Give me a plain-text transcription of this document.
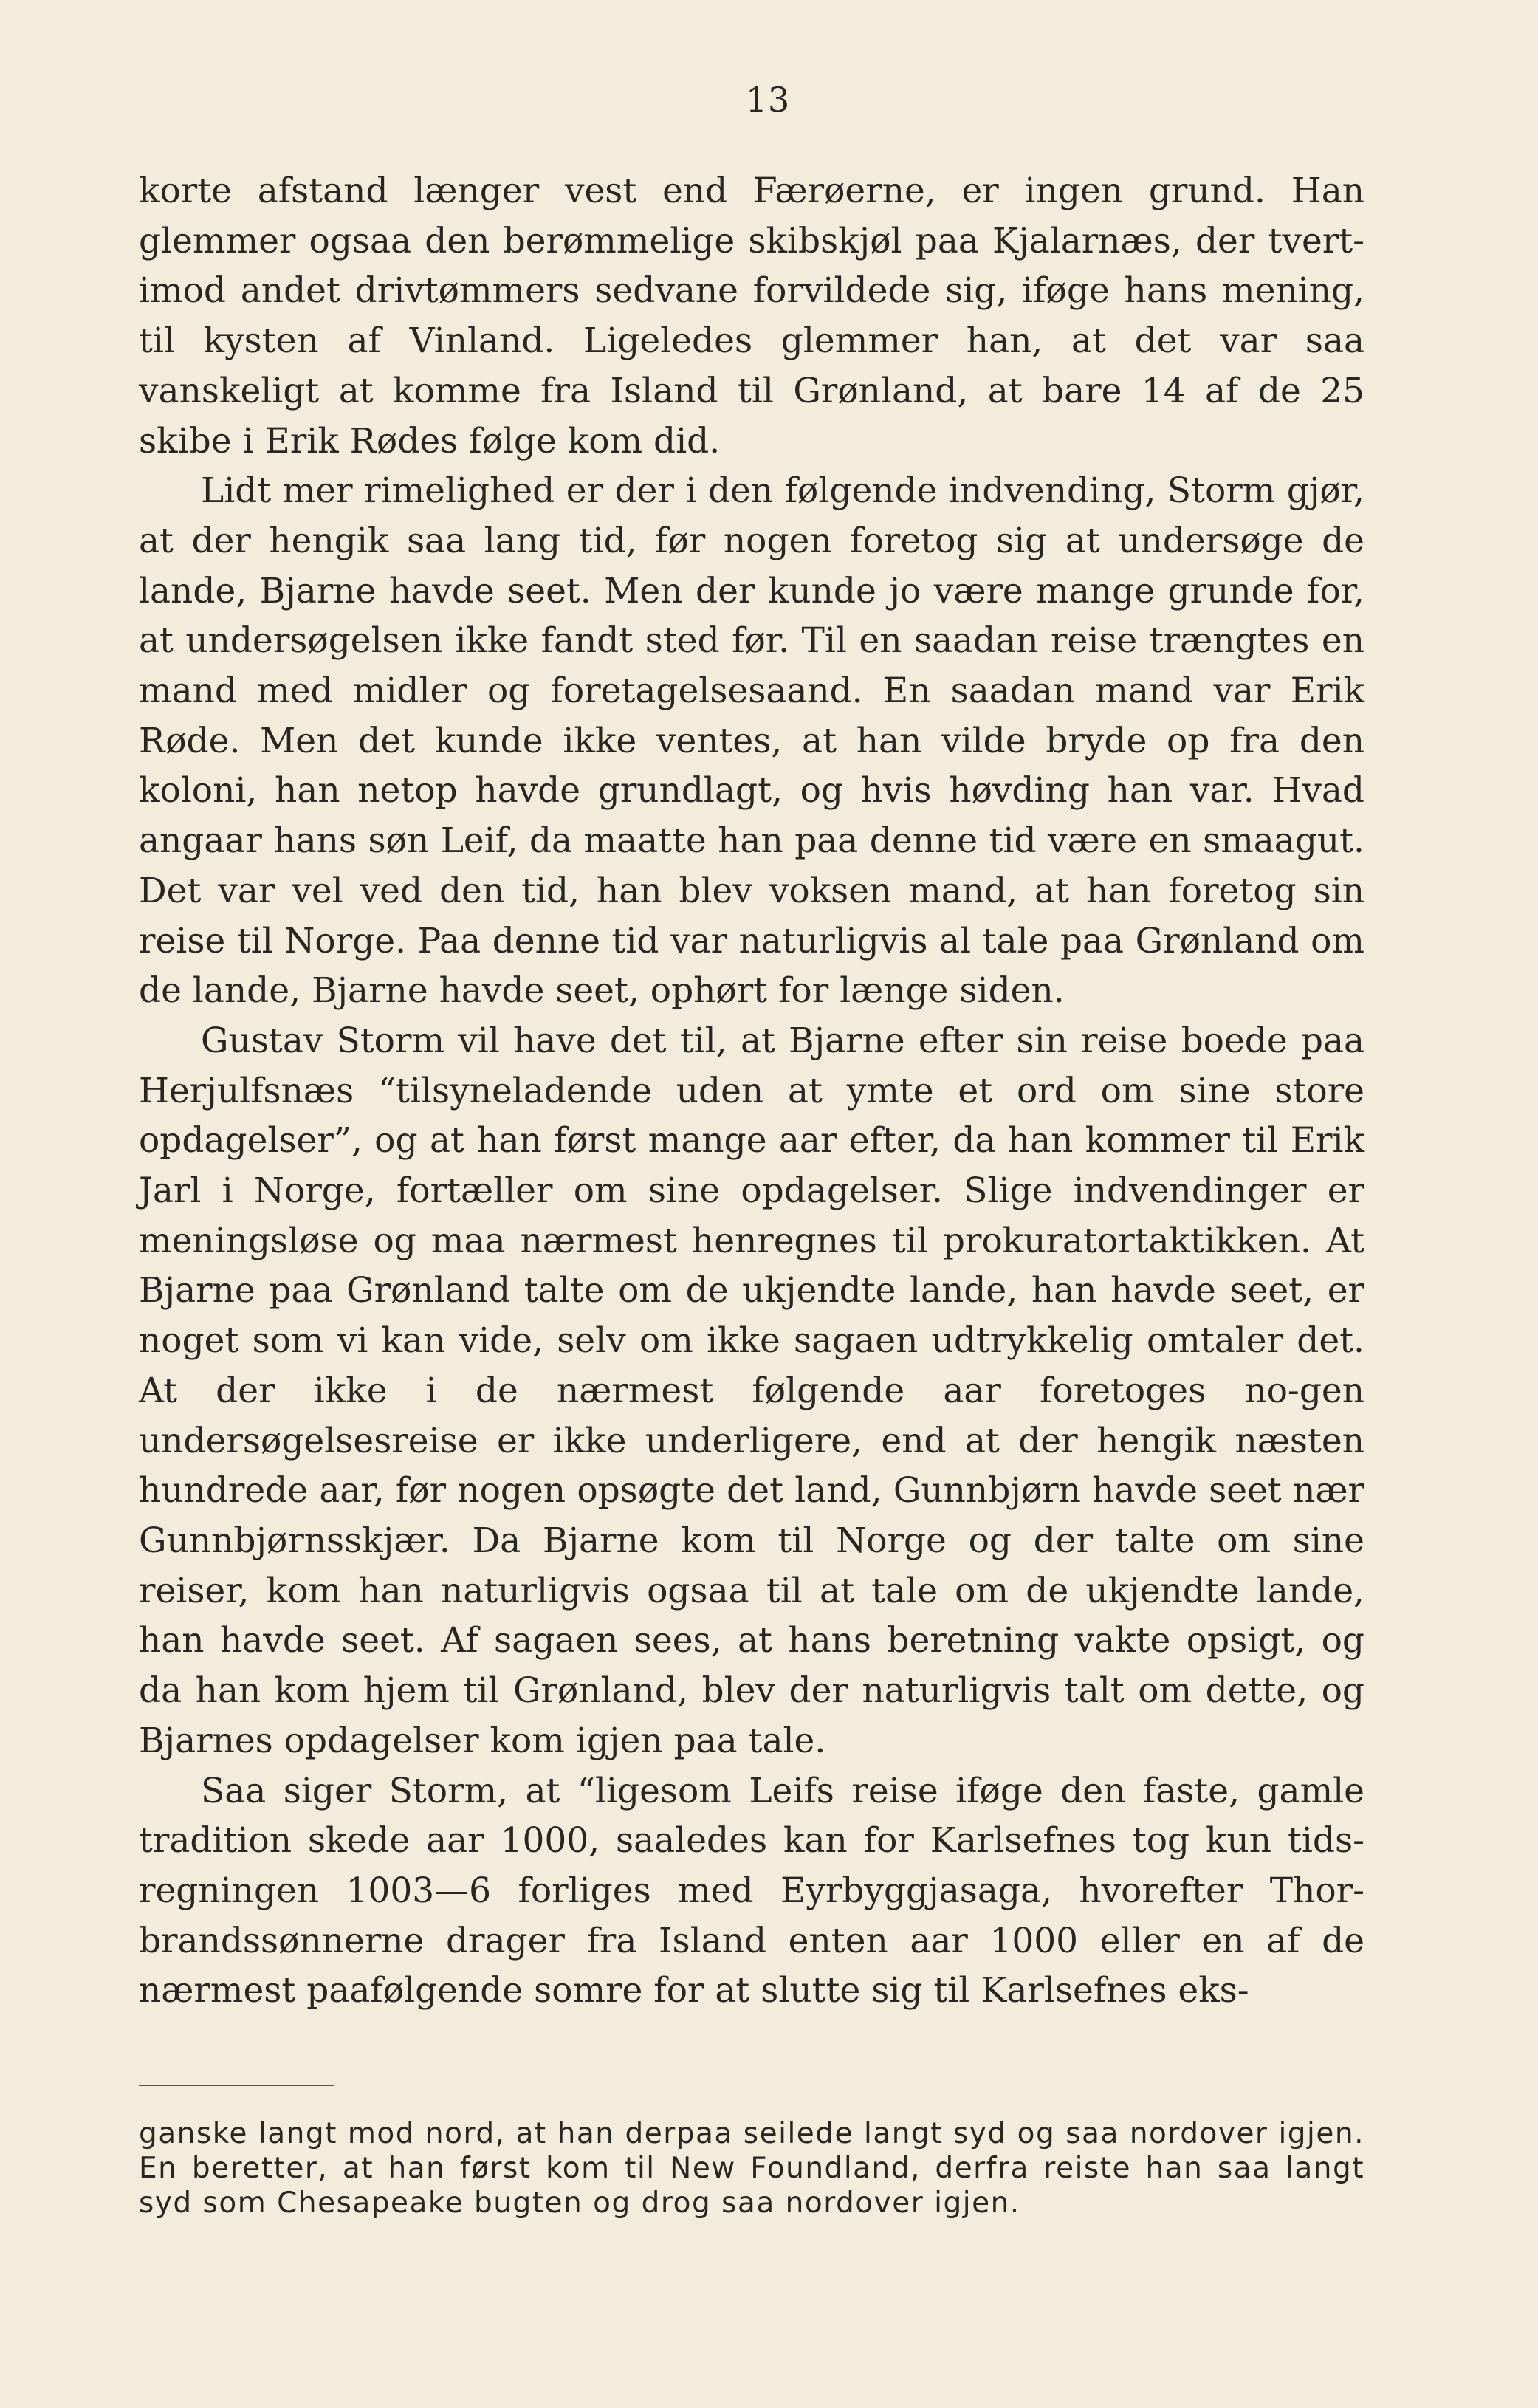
13

korte afstand længer vest end Færøerne, er ingen grund. Han glemmer ogsaa den berømmelige skibskjøl paa Kjalarnæs, der tvert-imod andet drivtømmers sedvane forvildede sig, iføge hans mening, til kysten af Vinland. Ligeledes glemmer han, at det var saa vanskeligt at komme fra Island til Grønland, at bare 14 af de 25 skibe i Erik Rødes følge kom did.

Lidt mer rimelighed er der i den følgende indvending, Storm gjør, at der hengik saa lang tid, før nogen foretog sig at undersøge de lande, Bjarne havde seet. Men der kunde jo være mange grunde for, at undersøgelsen ikke fandt sted før. Til en saadan reise trængtes en mand med midler og foretagelsesaand. En saadan mand var Erik Røde. Men det kunde ikke ventes, at han vilde bryde op fra den koloni, han netop havde grundlagt, og hvis høvding han var. Hvad angaar hans søn Leif, da maatte han paa denne tid være en smaagut. Det var vel ved den tid, han blev voksen mand, at han foretog sin reise til Norge. Paa denne tid var naturligvis al tale paa Grønland om de lande, Bjarne havde seet, ophørt for længe siden.

Gustav Storm vil have det til, at Bjarne efter sin reise boede paa Herjulfsnæs “tilsyneladende uden at ymte et ord om sine store opdagelser”, og at han først mange aar efter, da han kommer til Erik Jarl i Norge, fortæller om sine opdagelser. Slige indvendinger er meningsløse og maa nærmest henregnes til prokuratortaktikken. At Bjarne paa Grønland talte om de ukjendte lande, han havde seet, er noget som vi kan vide, selv om ikke sagaen udtrykkelig omtaler det. At der ikke i de nærmest følgende aar foretoges no-gen undersøgelsesreise er ikke underligere, end at der hengik næsten hundrede aar, før nogen opsøgte det land, Gunnbjørn havde seet nær Gunnbjørnsskjær. Da Bjarne kom til Norge og der talte om sine reiser, kom han naturligvis ogsaa til at tale om de ukjendte lande, han havde seet. Af sagaen sees, at hans beretning vakte opsigt, og da han kom hjem til Grønland, blev der naturligvis talt om dette, og Bjarnes opdagelser kom igjen paa tale.

Saa siger Storm, at “ligesom Leifs reise iføge den faste, gamle tradition skede aar 1000, saaledes kan for Karlsefnes tog kun tids-regningen 1003—6 forliges med Eyrbyggjasaga, hvorefter Thor-brandssønnerne drager fra Island enten aar 1000 eller en af de nærmest paafølgende somre for at slutte sig til Karlsefnes eks-

ganske langt mod nord, at han derpaa seilede langt syd og saa nordover igjen. En beretter, at han først kom til New Foundland, derfra reiste han saa langt syd som Chesapeake bugten og drog saa nordover igjen.
